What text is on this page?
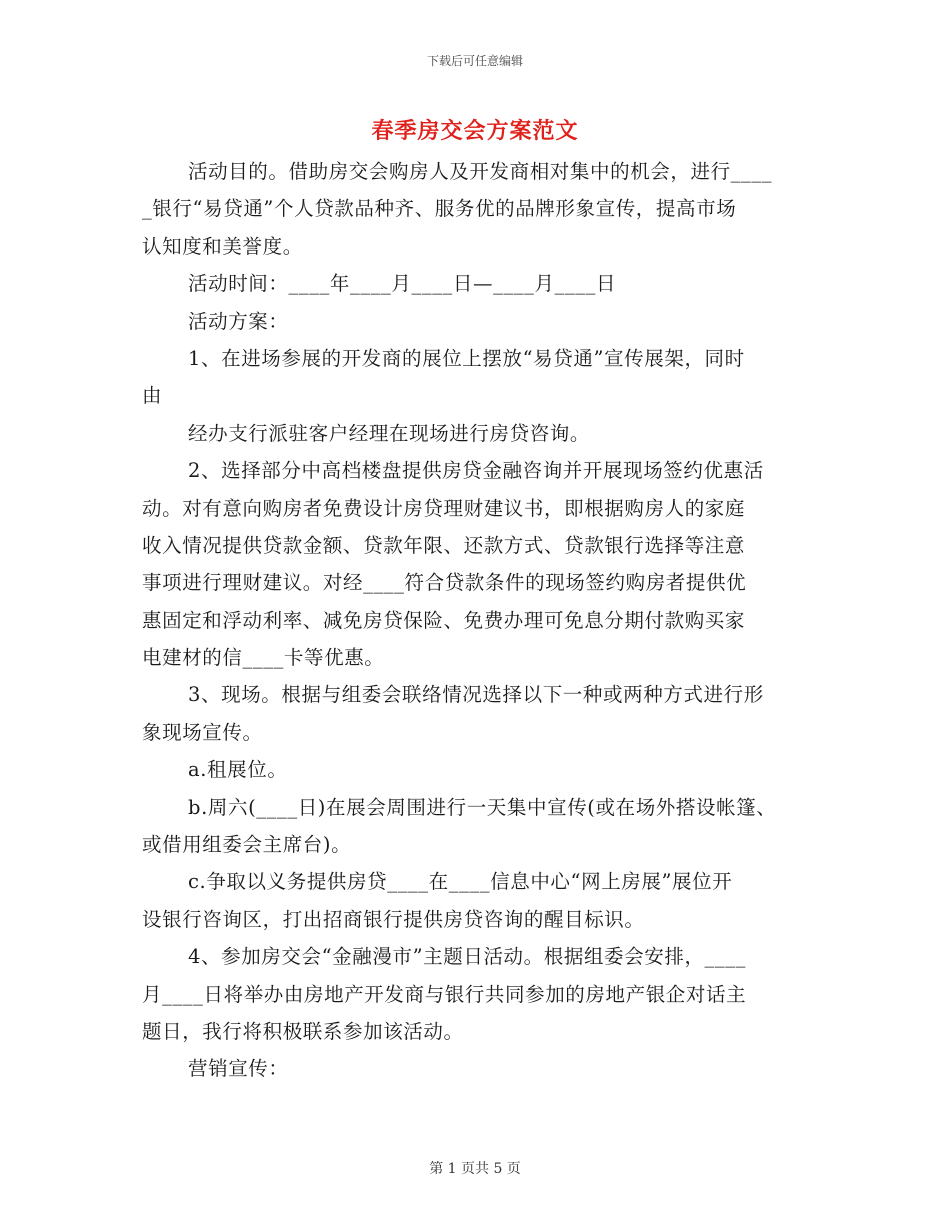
下载后可任意编辑
春季房交会方案范文
活动目的。借助房交会购房人及开发商相对集中的机会，进行____
_银行“易贷通”个人贷款品种齐、服务优的品牌形象宣传，提高市场
认知度和美誉度。
活动时间：____年____月____日—____月____日
活动方案：
1、在进场参展的开发商的展位上摆放“易贷通”宣传展架，同时
由
经办支行派驻客户经理在现场进行房贷咨询。
2、选择部分中高档楼盘提供房贷金融咨询并开展现场签约优惠活
动。对有意向购房者免费设计房贷理财建议书，即根据购房人的家庭
收入情况提供贷款金额、贷款年限、还款方式、贷款银行选择等注意
事项进行理财建议。对经____符合贷款条件的现场签约购房者提供优
惠固定和浮动利率、减免房贷保险、免费办理可免息分期付款购买家
电建材的信____卡等优惠。
3、现场。根据与组委会联络情况选择以下一种或两种方式进行形
象现场宣传。
a.租展位。
b.周六(____日)在展会周围进行一天集中宣传(或在场外搭设帐篷、
或借用组委会主席台)。
c.争取以义务提供房贷____在____信息中心“网上房展”展位开
设银行咨询区，打出招商银行提供房贷咨询的醒目标识。
4、参加房交会“金融漫市”主题日活动。根据组委会安排，____
月____日将举办由房地产开发商与银行共同参加的房地产银企对话主
题日，我行将积极联系参加该活动。
营销宣传：
第 1 页共 5 页
